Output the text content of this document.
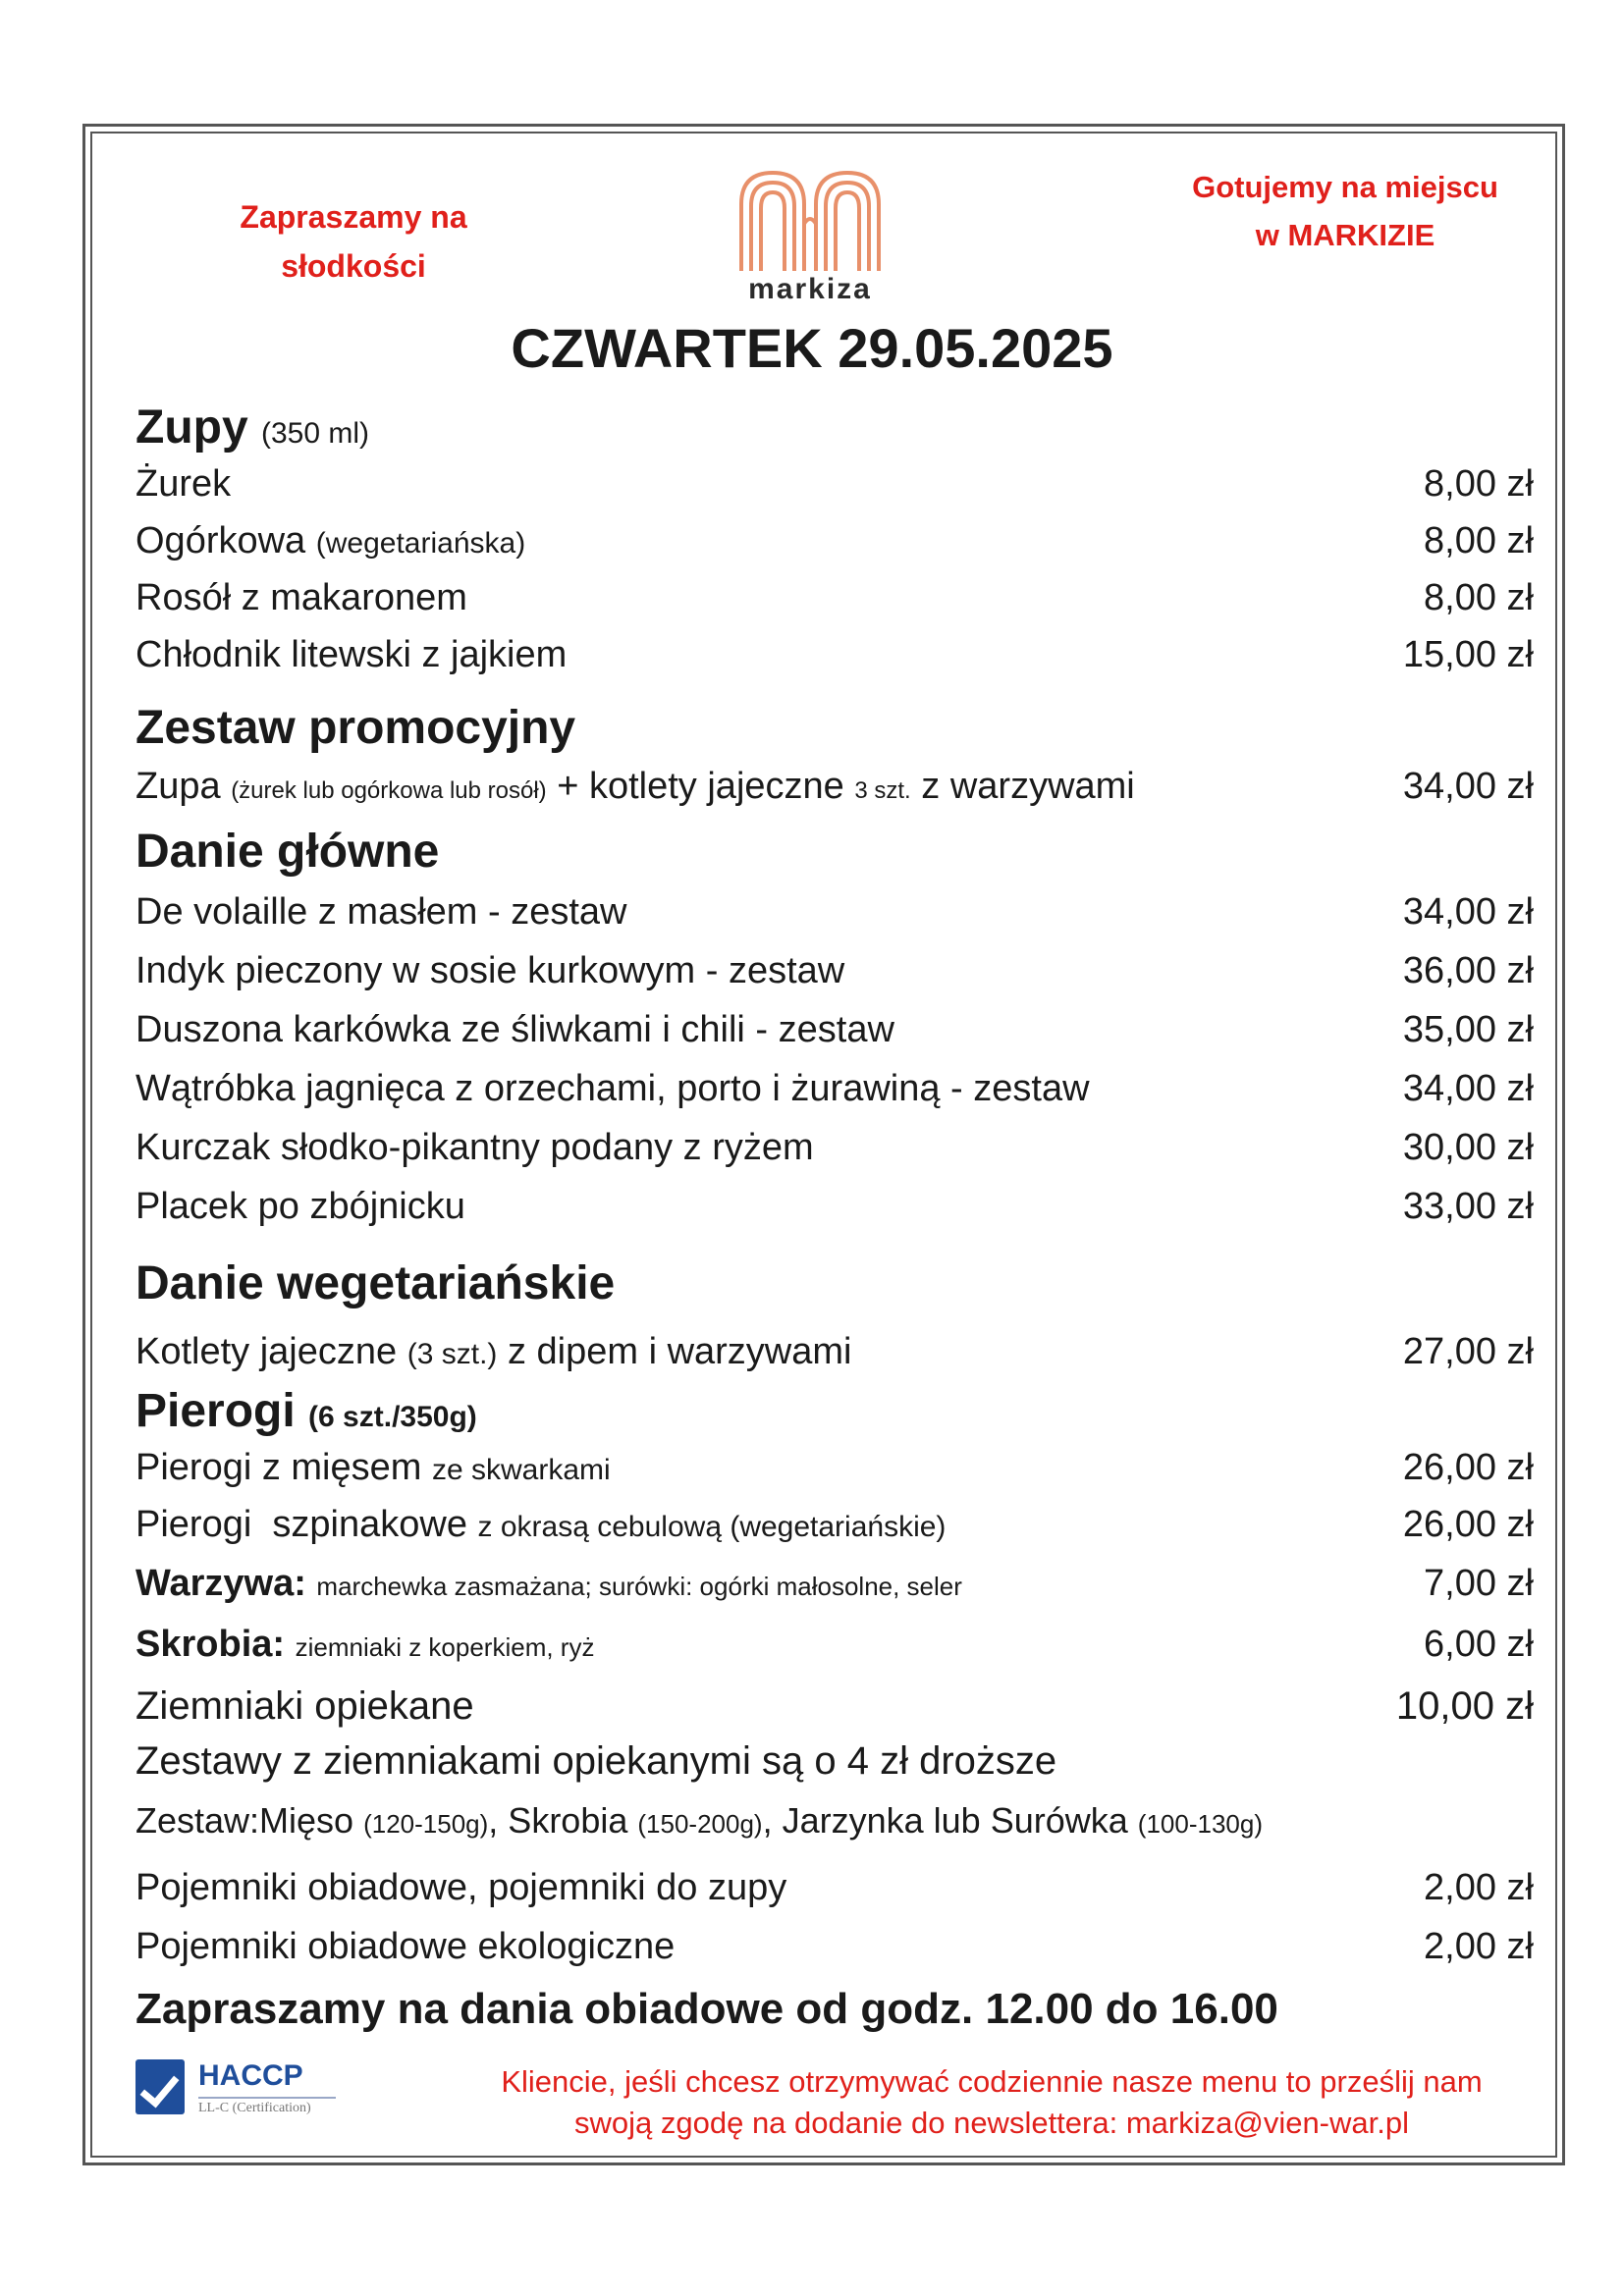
Zapraszamy na
słodkości
markiza
Gotujemy na miejscu
w MARKIZIE
CZWARTEK 29.05.2025
Zupy (350 ml)
Żurek	8,00 zł
Ogórkowa (wegetariańska)	8,00 zł
Rosół z makaronem	8,00 zł
Chłodnik litewski z jajkiem	15,00 zł
Zestaw promocyjny
Zupa (żurek lub ogórkowa lub rosół) + kotlety jajeczne 3 szt. z warzywami	34,00 zł
Danie główne
De volaille z masłem - zestaw	34,00 zł
Indyk pieczony w sosie kurkowym - zestaw	36,00 zł
Duszona karkówka ze śliwkami i chili - zestaw	35,00 zł
Wątróbka jagnięca z orzechami, porto i żurawiną - zestaw	34,00 zł
Kurczak słodko-pikantny podany z ryżem	30,00 zł
Placek po zbójnicku	33,00 zł
Danie wegetariańskie
Kotlety jajeczne (3 szt.) z dipem i warzywami	27,00 zł
Pierogi (6 szt./350g)
Pierogi z mięsem ze skwarkami	26,00 zł
Pierogi  szpinakowe z okrasą cebulową (wegetariańskie)	26,00 zł
Warzywa: marchewka zasmażana; surówki: ogórki małosolne, seler	7,00 zł
Skrobia: ziemniaki z koperkiem, ryż	6,00 zł
Ziemniaki opiekane	10,00 zł
Zestawy z ziemniakami opiekanymi są o 4 zł droższe
Zestaw:Mięso (120-150g), Skrobia (150-200g), Jarzynka lub Surówka (100-130g)
Pojemniki obiadowe, pojemniki do zupy	2,00 zł
Pojemniki obiadowe ekologiczne	2,00 zł
Zapraszamy na dania obiadowe od godz. 12.00 do 16.00
HACCP
LL-C (Certification)
Kliencie, jeśli chcesz otrzymywać codziennie nasze menu to prześlij nam
swoją zgodę na dodanie do newslettera: markiza@vien-war.pl
